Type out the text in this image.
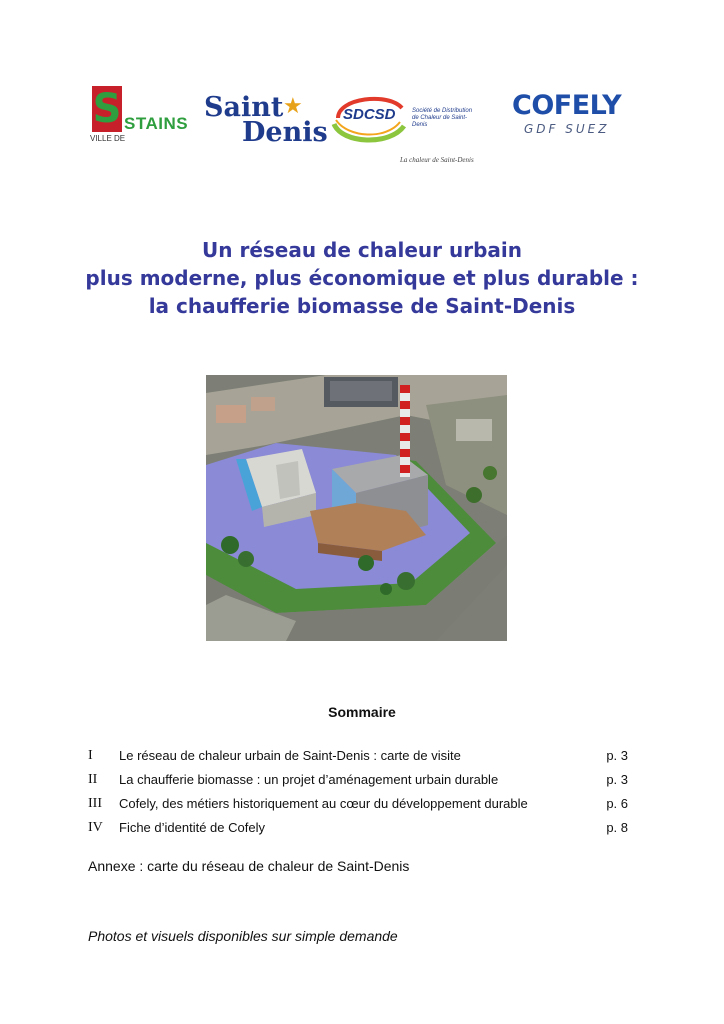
S STAINS
VILLE DE
Saint ★
Denis
SDCSD	Société de Distribution de Chaleur de Saint-Denis
La chaleur de Saint-Denis
COFELY
GDF SUEZ
Un réseau de chaleur urbain
plus moderne, plus économique et plus durable :
la chaufferie biomasse de Saint-Denis
Sommaire
I Le réseau de chaleur urbain de Saint-Denis : carte de visite	p. 3
II La chaufferie biomasse : un projet d’aménagement urbain durable	p. 3
III Cofely, des métiers historiquement au cœur du développement durable	p. 6
IV Fiche d’identité de Cofely	p. 8
Annexe : carte du réseau de chaleur de Saint-Denis
Photos et visuels disponibles sur simple demande
